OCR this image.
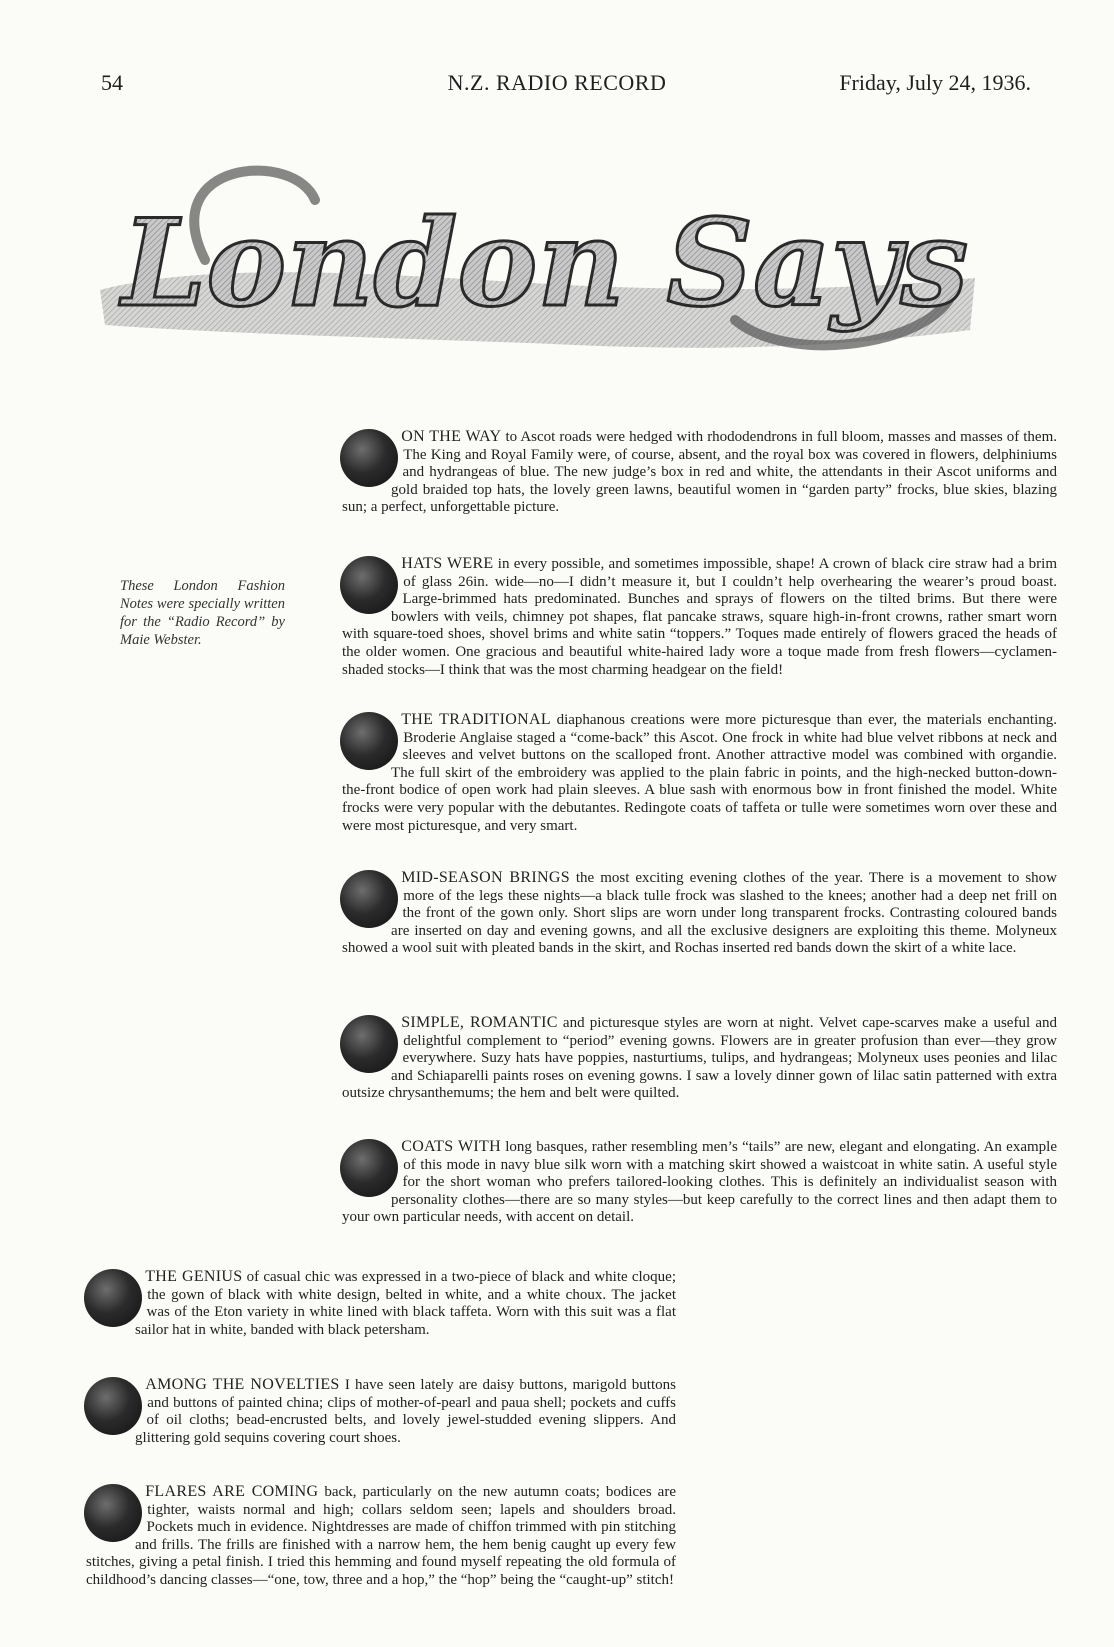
54	N.Z. RADIO RECORD	Friday, July 24, 1936.
London Says
These London Fashion Notes were specially written for the “Radio Record” by Maie Webster.
ON THE WAY to Ascot roads were hedged with rhododendrons in full bloom, masses and masses of them. The King and Royal Family were, of course, absent, and the royal box was covered in flowers, delphiniums and hydrangeas of blue. The new judge’s box in red and white, the attendants in their Ascot uniforms and gold braided top hats, the lovely green lawns, beautiful women in “garden party” frocks, blue skies, blazing sun; a perfect, unforgettable picture.
HATS WERE in every possible, and sometimes impossible, shape! A crown of black cire straw had a brim of glass 26in. wide—no—I didn’t measure it, but I couldn’t help overhearing the wearer’s proud boast. Large-brimmed hats predominated. Bunches and sprays of flowers on the tilted brims. But there were bowlers with veils, chimney pot shapes, flat pancake straws, square high-in-front crowns, rather smart worn with square-toed shoes, shovel brims and white satin “toppers.” Toques made entirely of flowers graced the heads of the older women. One gracious and beautiful white-haired lady wore a toque made from fresh flowers—cyclamen-shaded stocks—I think that was the most charming headgear on the field!
THE TRADITIONAL diaphanous creations were more picturesque than ever, the materials enchanting. Broderie Anglaise staged a “come-back” this Ascot. One frock in white had blue velvet ribbons at neck and sleeves and velvet buttons on the scalloped front. Another attractive model was combined with organdie. The full skirt of the embroidery was applied to the plain fabric in points, and the high-necked button-down-the-front bodice of open work had plain sleeves. A blue sash with enormous bow in front finished the model. White frocks were very popular with the debutantes. Redingote coats of taffeta or tulle were sometimes worn over these and were most picturesque, and very smart.
MID-SEASON BRINGS the most exciting evening clothes of the year. There is a movement to show more of the legs these nights—a black tulle frock was slashed to the knees; another had a deep net frill on the front of the gown only. Short slips are worn under long transparent frocks. Contrasting coloured bands are inserted on day and evening gowns, and all the exclusive designers are exploiting this theme. Molyneux showed a wool suit with pleated bands in the skirt, and Rochas inserted red bands down the skirt of a white lace.
SIMPLE, ROMANTIC and picturesque styles are worn at night. Velvet cape-scarves make a useful and delightful complement to “period” evening gowns. Flowers are in greater profusion than ever—they grow everywhere. Suzy hats have poppies, nasturtiums, tulips, and hydrangeas; Molyneux uses peonies and lilac and Schiaparelli paints roses on evening gowns. I saw a lovely dinner gown of lilac satin patterned with extra outsize chrysanthemums; the hem and belt were quilted.
COATS WITH long basques, rather resembling men’s “tails” are new, elegant and elongating. An example of this mode in navy blue silk worn with a matching skirt showed a waistcoat in white satin. A useful style for the short woman who prefers tailored-looking clothes. This is definitely an individualist season with personality clothes—there are so many styles—but keep carefully to the correct lines and then adapt them to your own particular needs, with accent on detail.
THE GENIUS of casual chic was expressed in a two-piece of black and white cloque; the gown of black with white design, belted in white, and a white choux. The jacket was of the Eton variety in white lined with black taffeta. Worn with this suit was a flat sailor hat in white, banded with black petersham.
AMONG THE NOVELTIES I have seen lately are daisy buttons, marigold buttons and buttons of painted china; clips of mother-of-pearl and paua shell; pockets and cuffs of oil cloths; bead-encrusted belts, and lovely jewel-studded evening slippers. And glittering gold sequins covering court shoes.
FLARES ARE COMING back, particularly on the new autumn coats; bodices are tighter, waists normal and high; collars seldom seen; lapels and shoulders broad. Pockets much in evidence. Nightdresses are made of chiffon trimmed with pin stitching and frills. The frills are finished with a narrow hem, the hem benig caught up every few stitches, giving a petal finish. I tried this hemming and found myself repeating the old formula of childhood’s dancing classes—“one, tow, three and a hop,” the “hop” being the “caught-up” stitch!
